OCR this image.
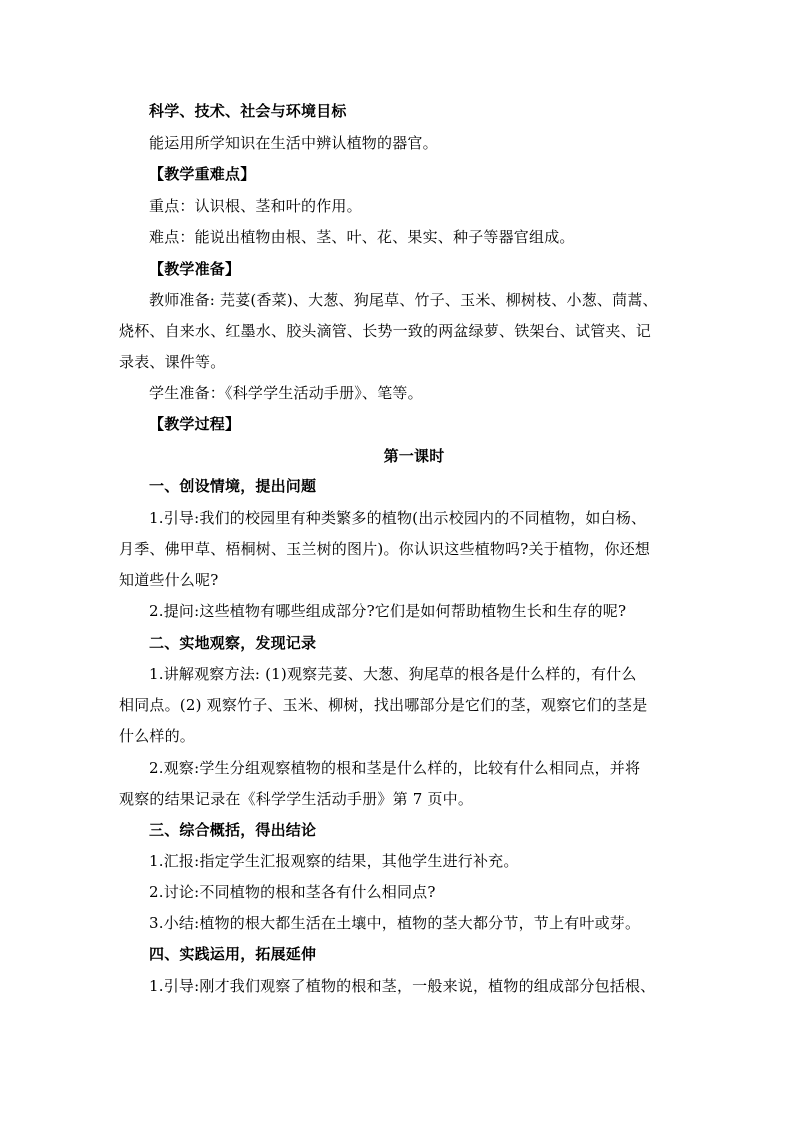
科学、技术、社会与环境目标
能运用所学知识在生活中辨认植物的器官。
【教学重难点】
重点：认识根、茎和叶的作用。
难点：能说出植物由根、茎、叶、花、果实、种子等器官组成。
【教学准备】
教师准备: 芫荽(香菜)、大葱、狗尾草、竹子、玉米、柳树枝、小葱、茼蒿、
烧杯、自来水、红墨水、胶头滴管、长势一致的两盆绿萝、铁架台、试管夹、记
录表、课件等。
学生准备：《科学学生活动手册》、笔等。
【教学过程】
第一课时
一、创设情境，提出问题
1.引导:我们的校园里有种类繁多的植物(出示校园内的不同植物，如白杨、
月季、佛甲草、梧桐树、玉兰树的图片)。你认识这些植物吗?关于植物，你还想
知道些什么呢?
2.提问:这些植物有哪些组成部分?它们是如何帮助植物生长和生存的呢?
二、实地观察，发现记录
1.讲解观察方法: (1)观察芫荽、大葱、狗尾草的根各是什么样的，有什么
相同点。(2) 观察竹子、玉米、柳树，找出哪部分是它们的茎，观察它们的茎是
什么样的。
2.观察:学生分组观察植物的根和茎是什么样的，比较有什么相同点，并将
观察的结果记录在《科学学生活动手册》第 7 页中。
三、综合概括，得出结论
1.汇报:指定学生汇报观察的结果，其他学生进行补充。
2.讨论:不同植物的根和茎各有什么相同点?
3.小结:植物的根大都生活在土壤中，植物的茎大都分节，节上有叶或芽。
四、实践运用，拓展延伸
1.引导:刚才我们观察了植物的根和茎，一般来说，植物的组成部分包括根、
